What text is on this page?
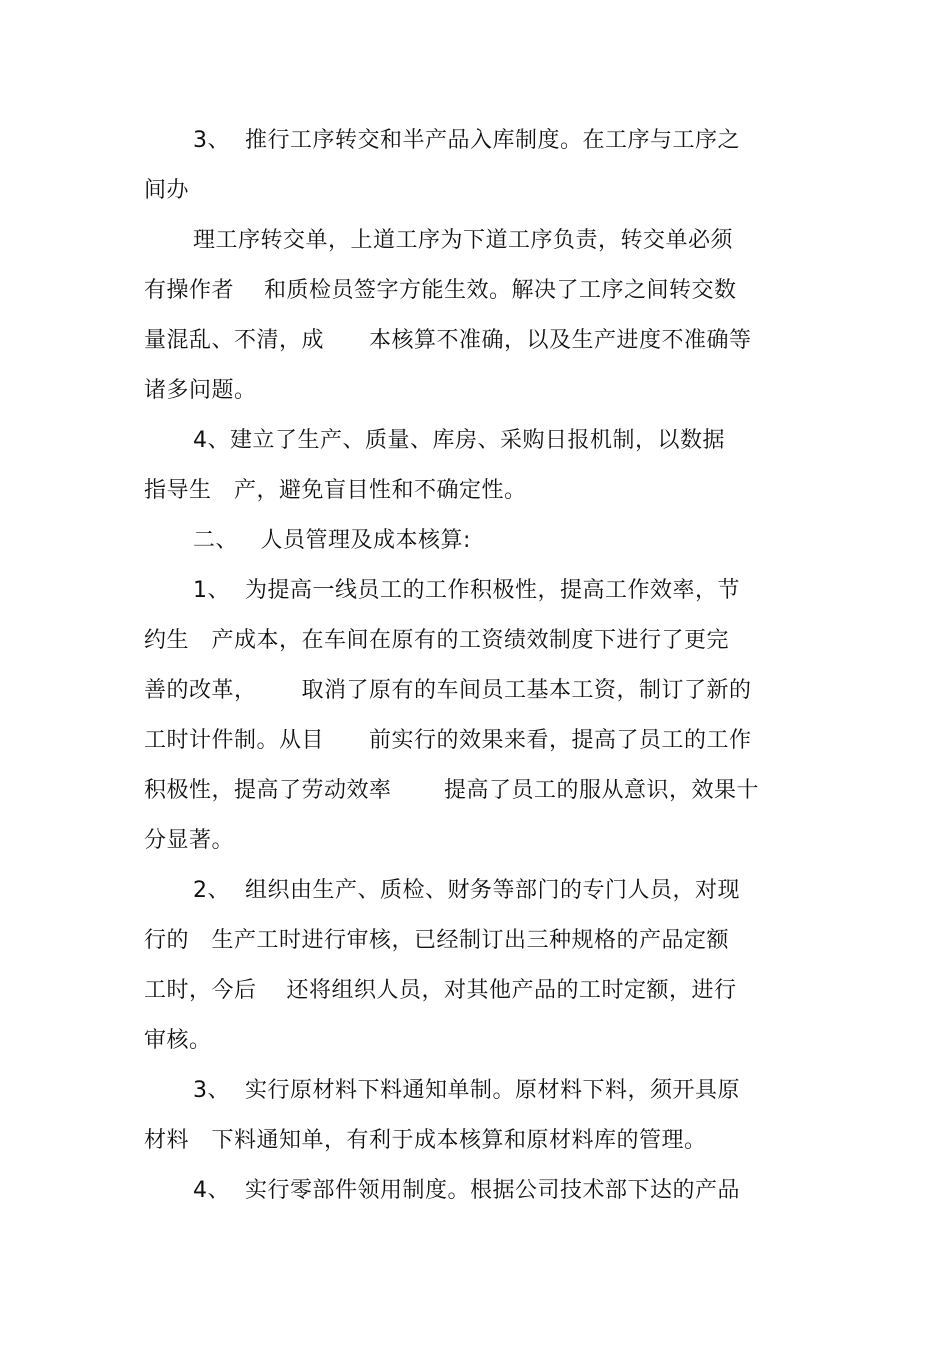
3、  推行工序转交和半产品入库制度。在工序与工序之
间办
理工序转交单，上道工序为下道工序负责，转交单必须
有操作者    和质检员签字方能生效。解决了工序之间转交数
量混乱、不清，成      本核算不准确，以及生产进度不准确等
诸多问题。
4、建立了生产、质量、库房、采购日报机制，以数据
指导生   产，避免盲目性和不确定性。
二、   人员管理及成本核算:
1、  为提高一线员工的工作积极性，提高工作效率，节
约生   产成本，在车间在原有的工资绩效制度下进行了更完
善的改革，      取消了原有的车间员工基本工资，制订了新的
工时计件制。从目      前实行的效果来看，提高了员工的工作
积极性，提高了劳动效率       提高了员工的服从意识，效果十
分显著。
2、  组织由生产、质检、财务等部门的专门人员，对现
行的   生产工时进行审核，已经制订出三种规格的产品定额
工时，今后    还将组织人员，对其他产品的工时定额，进行
审核。
3、  实行原材料下料通知单制。原材料下料，须开具原
材料   下料通知单，有利于成本核算和原材料库的管理。
4、  实行零部件领用制度。根据公司技术部下达的产品
